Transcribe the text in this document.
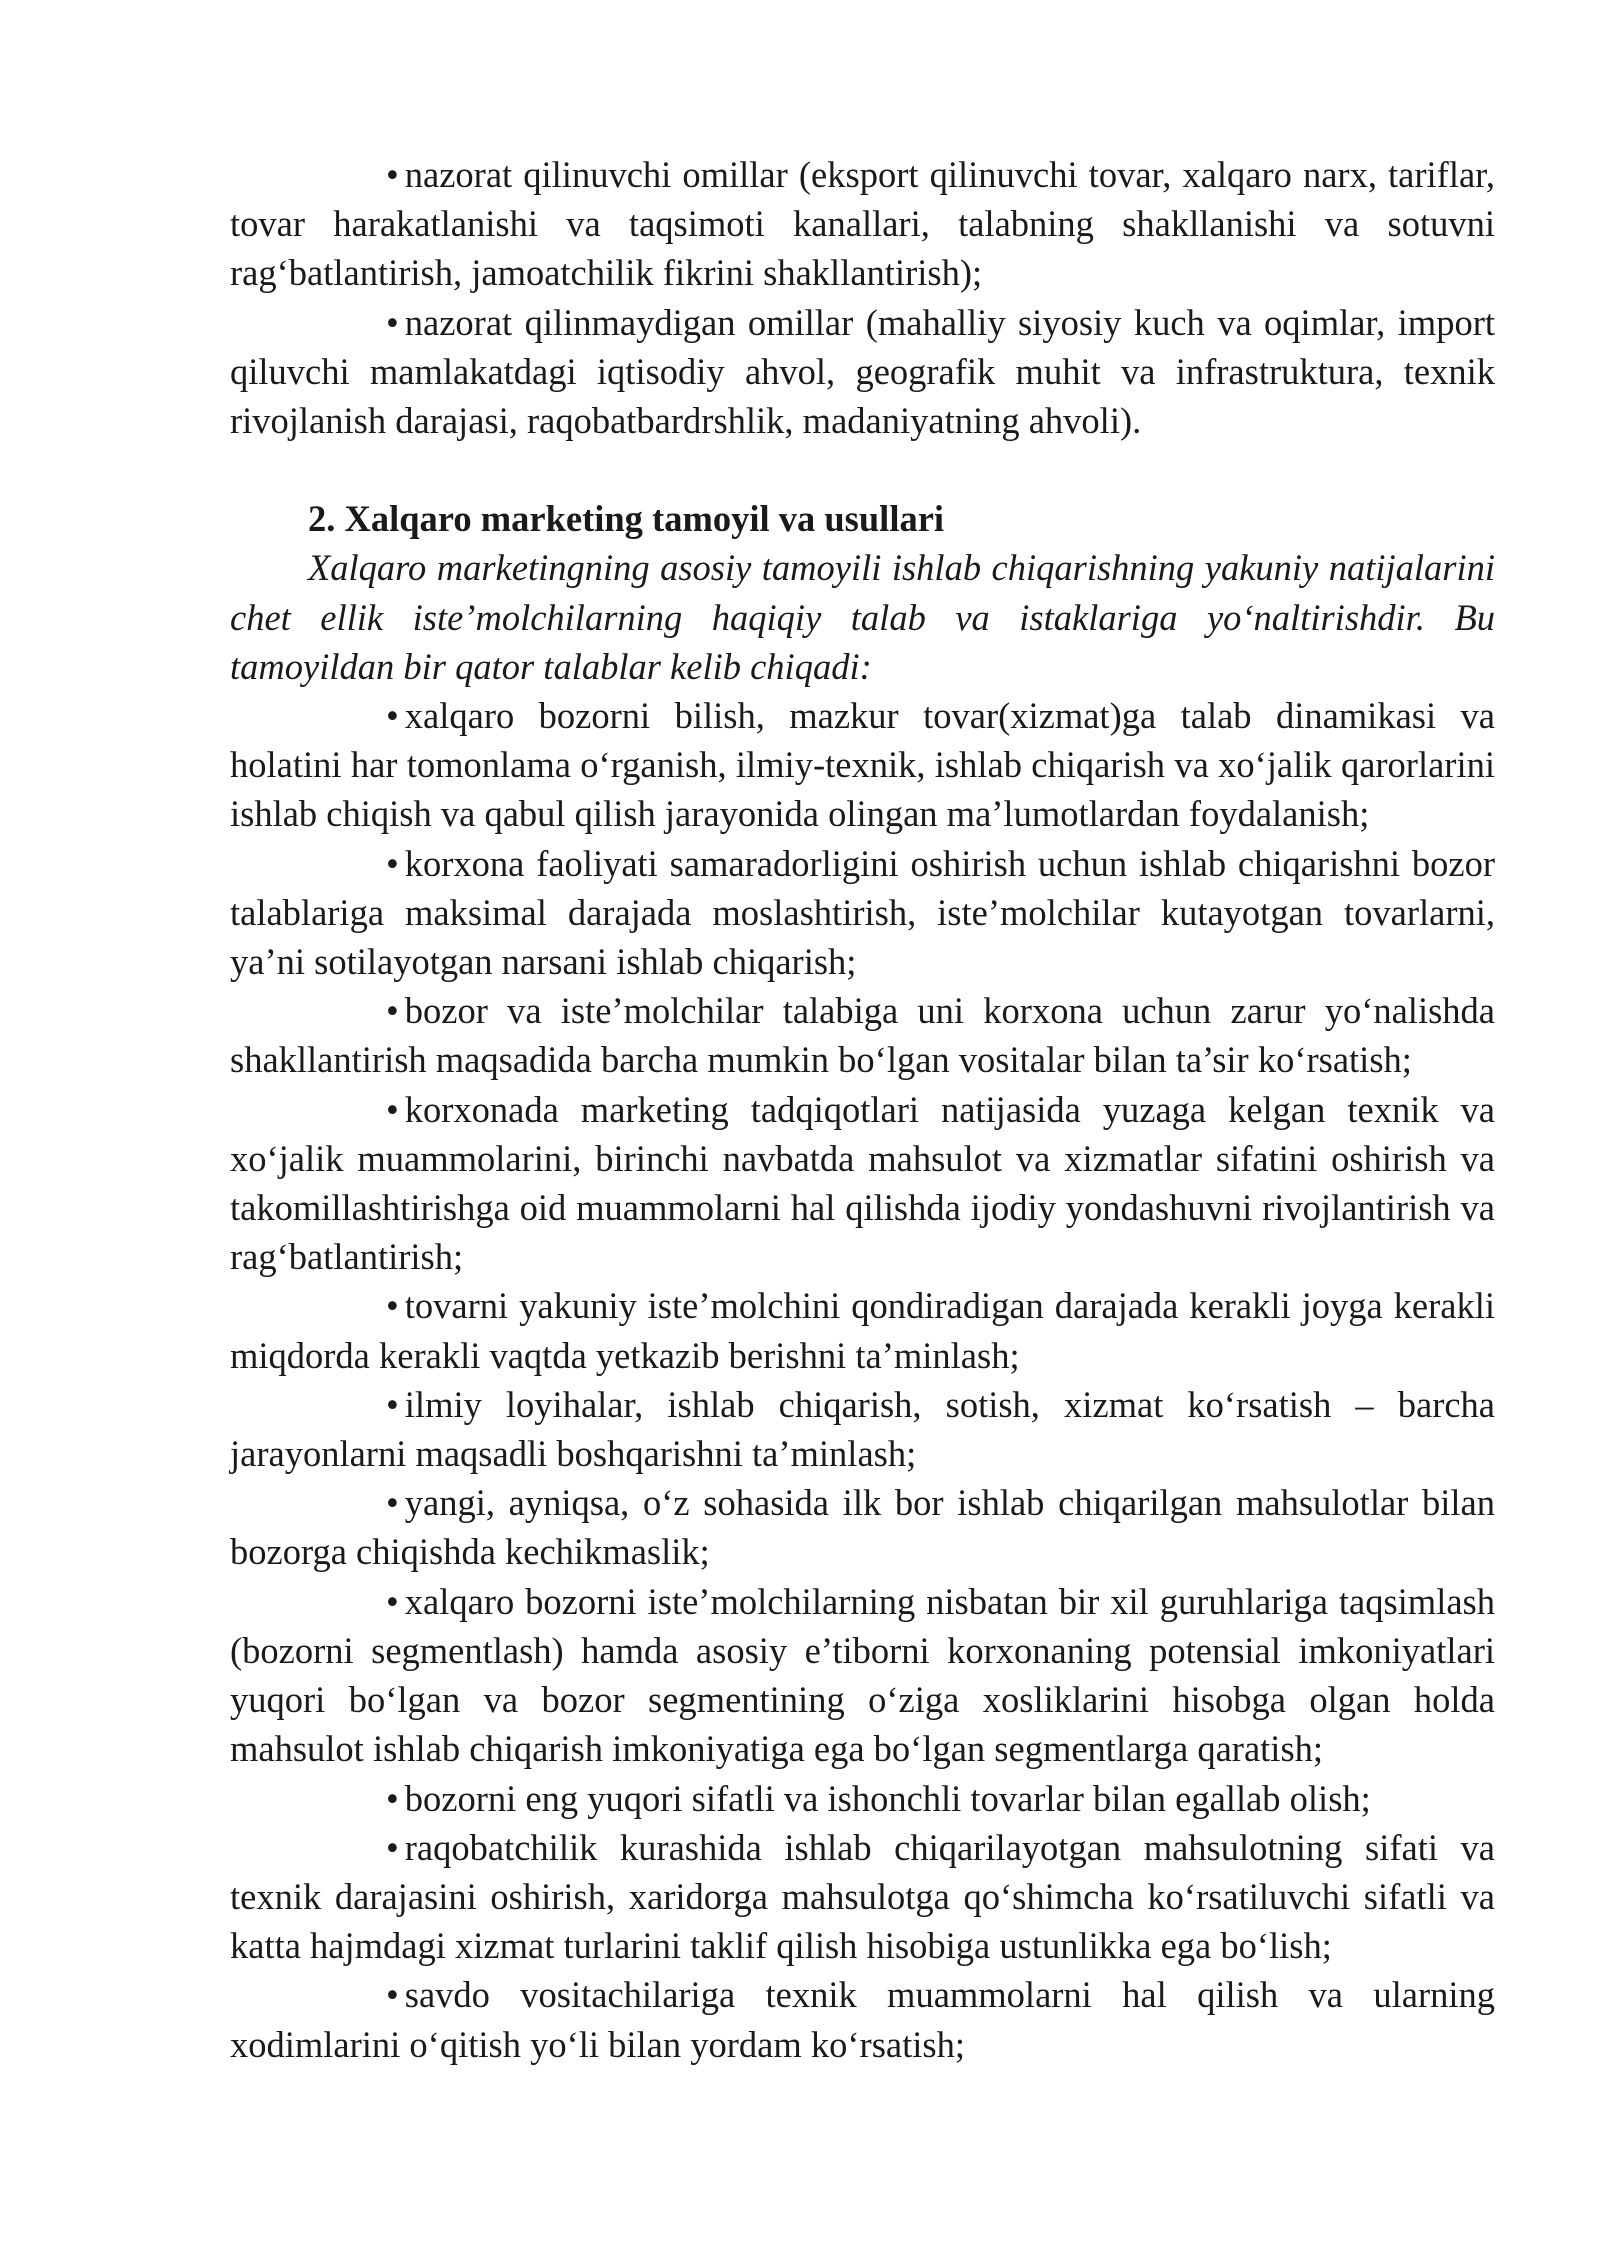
• nazorat qilinuvchi omillar (eksport qilinuvchi tovar, xalqaro narx, tariflar, tovar harakatlanishi va taqsimoti kanallari, talabning shakllanishi va sotuvni rag‘batlantirish, jamoatchilik fikrini shakllantirish);

• nazorat qilinmaydigan omillar (mahalliy siyosiy kuch va oqimlar, import qiluvchi mamlakatdagi iqtisodiy ahvol, geografik muhit va infrastruktura, texnik rivojlanish darajasi, raqobatbardrshlik, madaniyatning ahvoli).

2. Xalqaro marketing tamoyil va usullari

Xalqaro marketingning asosiy tamoyili ishlab chiqarishning yakuniy natijalarini chet ellik iste’molchilarning haqiqiy talab va istaklariga yo‘naltirishdir. Bu tamoyildan bir qator talablar kelib chiqadi:

• xalqaro bozorni bilish, mazkur tovar(xizmat)ga talab dinamikasi va holatini har tomonlama o‘rganish, ilmiy-texnik, ishlab chiqarish va xo‘jalik qarorlarini ishlab chiqish va qabul qilish jarayonida olingan ma’lumotlardan foydalanish;

• korxona faoliyati samaradorligini oshirish uchun ishlab chiqarishni bozor talablariga maksimal darajada moslashtirish, iste’molchilar kutayotgan tovarlarni, ya’ni sotilayotgan narsani ishlab chiqarish;

• bozor va iste’molchilar talabiga uni korxona uchun zarur yo‘nalishda shakllantirish maqsadida barcha mumkin bo‘lgan vositalar bilan ta’sir ko‘rsatish;

• korxonada marketing tadqiqotlari natijasida yuzaga kelgan texnik va xo‘jalik muammolarini, birinchi navbatda mahsulot va xizmatlar sifatini oshirish va takomillashtirishga oid muammolarni hal qilishda ijodiy yondashuvni rivojlantirish va rag‘batlantirish;

• tovarni yakuniy iste’molchini qondiradigan darajada kerakli joyga kerakli miqdorda kerakli vaqtda yetkazib berishni ta’minlash;

• ilmiy loyihalar, ishlab chiqarish, sotish, xizmat ko‘rsatish – barcha jarayonlarni maqsadli boshqarishni ta’minlash;

• yangi, ayniqsa, o‘z sohasida ilk bor ishlab chiqarilgan mahsulotlar bilan bozorga chiqishda kechikmaslik;

• xalqaro bozorni iste’molchilarning nisbatan bir xil guruhlariga taqsimlash (bozorni segmentlash) hamda asosiy e’tiborni korxonaning potensial imkoniyatlari yuqori bo‘lgan va bozor segmentining o‘ziga xosliklarini hisobga olgan holda mahsulot ishlab chiqarish imkoniyatiga ega bo‘lgan segmentlarga qaratish;

• bozorni eng yuqori sifatli va ishonchli tovarlar bilan egallab olish;

• raqobatchilik kurashida ishlab chiqarilayotgan mahsulotning sifati va texnik darajasini oshirish, xaridorga mahsulotga qo‘shimcha ko‘rsatiluvchi sifatli va katta hajmdagi xizmat turlarini taklif qilish hisobiga ustunlikka ega bo‘lish;

• savdo vositachilariga texnik muammolarni hal qilish va ularning xodimlarini o‘qitish yo‘li bilan yordam ko‘rsatish;
